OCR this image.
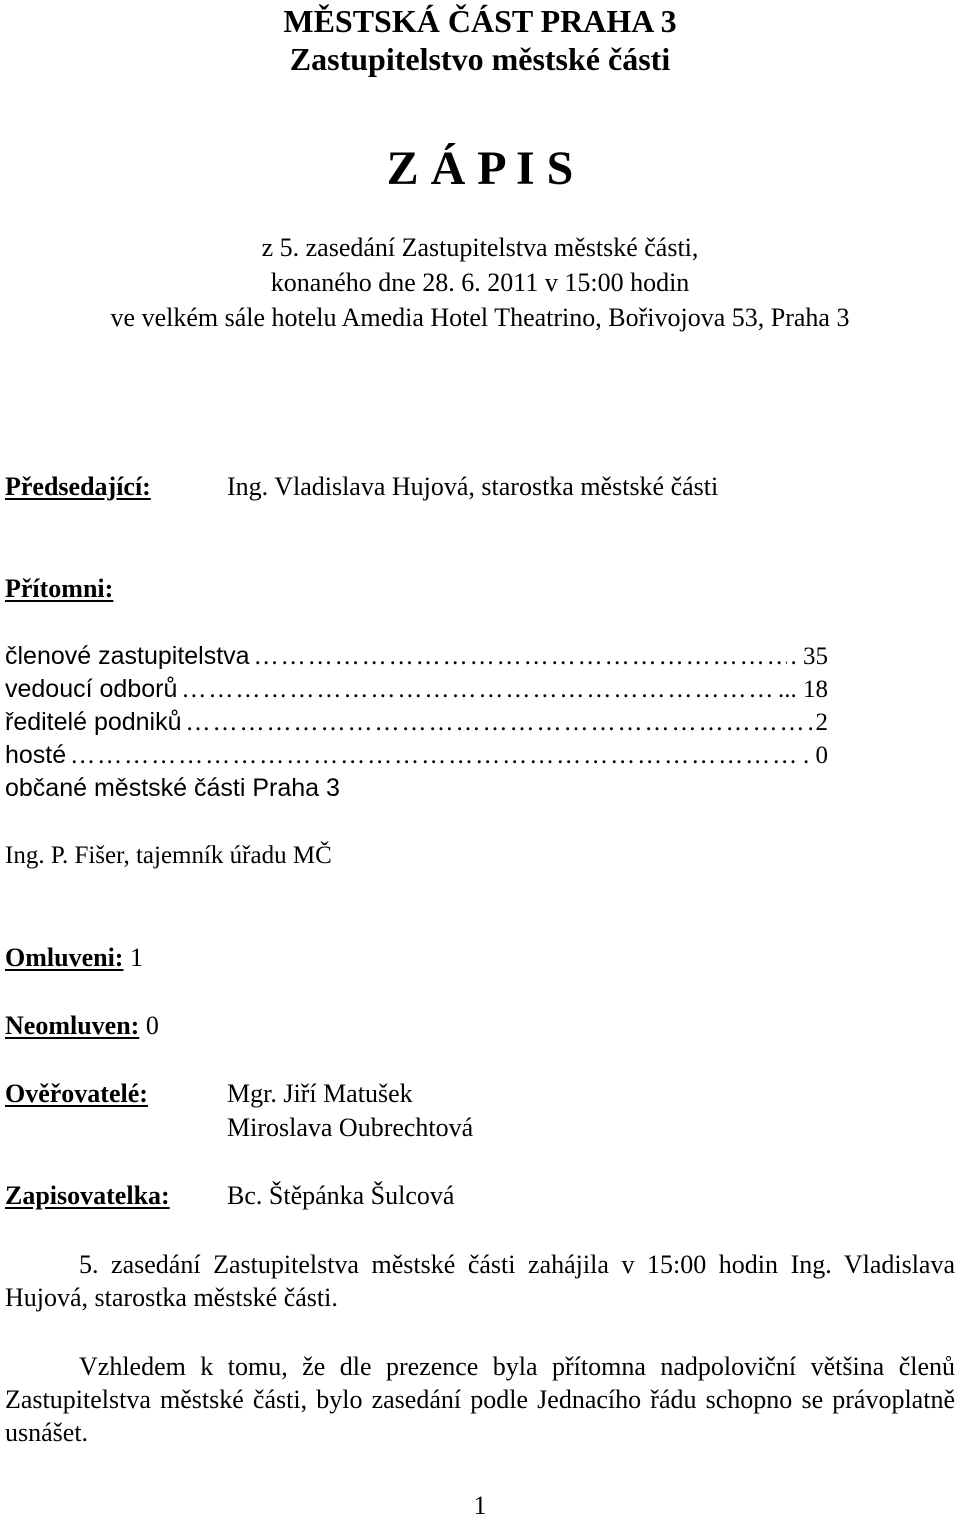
MĚSTSKÁ ČÁST PRAHA 3
Zastupitelstvo městské části
Z Á P I S
z 5. zasedání Zastupitelstva městské části,
konaného dne 28. 6. 2011 v 15:00 hodin
ve velkém sále hotelu Amedia Hotel Theatrino, Bořivojova 53, Praha 3
Předsedající:	Ing. Vladislava Hujová, starostka městské části
Přítomni:
členové zastupitelstva …………………………………………………………………………………………………………………………………	. 35
vedoucí odborů …………………………………………………………………………………………………………………………………	... 18
ředitelé podniků …………………………………………………………………………………………………………………………………	2
hosté …………………………………………………………………………………………………………………………………	. 0
občané městské části Praha 3
Ing. P. Fišer, tajemník úřadu MČ
Omluveni: 1
Neomluven: 0
Ověřovatelé:	Mgr. Jiří Matušek
Miroslava Oubrechtová
Zapisovatelka: Bc. Štěpánka Šulcová
5. zasedání Zastupitelstva městské části zahájila v 15:00 hodin Ing. Vladislava Hujová, starostka městské části.
Vzhledem k tomu, že dle prezence byla přítomna nadpoloviční většina členů Zastupitelstva městské části, bylo zasedání podle Jednacího řádu schopno se právoplatně usnášet.
1
